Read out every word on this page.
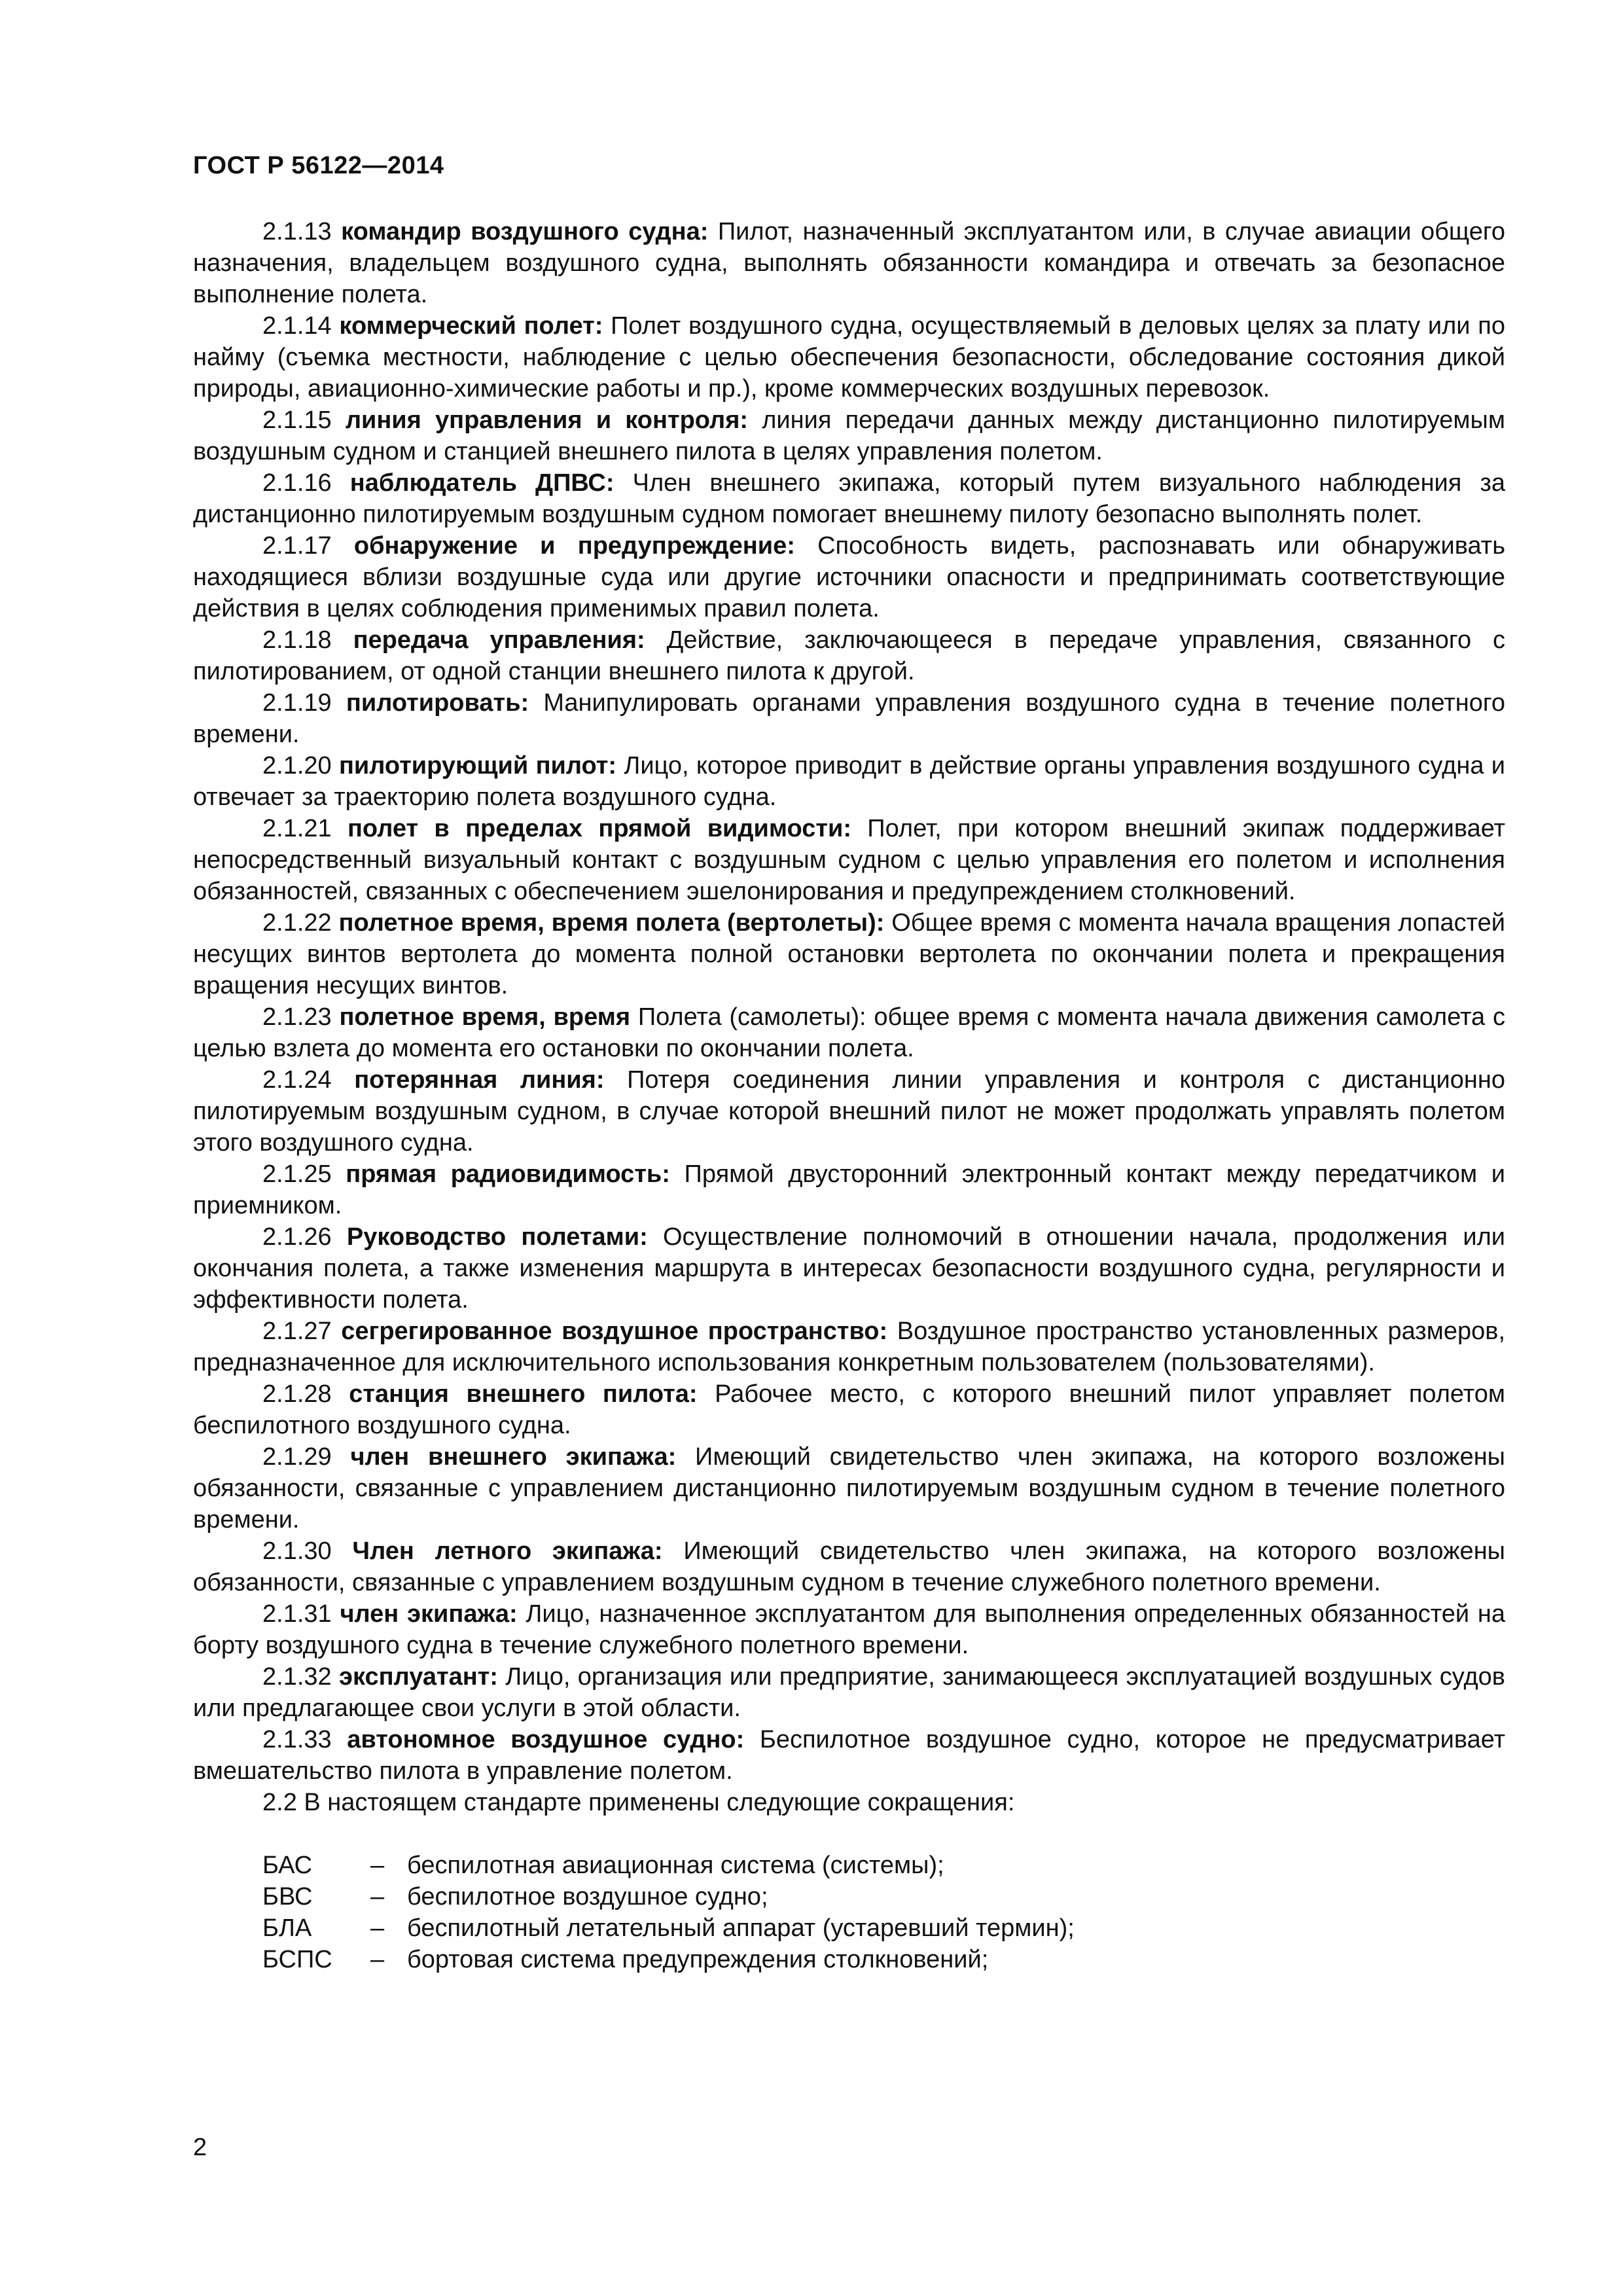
ГОСТ Р 56122—2014

2.1.13 командир воздушного судна: Пилот, назначенный эксплуатантом или, в случае авиации общего назначения, владельцем воздушного судна, выполнять обязанности командира и отвечать за безопасное выполнение полета.

2.1.14 коммерческий полет: Полет воздушного судна, осуществляемый в деловых целях за плату или по найму (съемка местности, наблюдение с целью обеспечения безопасности, обследование состояния дикой природы, авиационно-химические работы и пр.), кроме коммерческих воздушных перевозок.

2.1.15 линия управления и контроля: линия передачи данных между дистанционно пилотируемым воздушным судном и станцией внешнего пилота в целях управления полетом.

2.1.16 наблюдатель ДПВС: Член внешнего экипажа, который путем визуального наблюдения за дистанционно пилотируемым воздушным судном помогает внешнему пилоту безопасно выполнять полет.

2.1.17 обнаружение и предупреждение: Способность видеть, распознавать или обнаруживать находящиеся вблизи воздушные суда или другие источники опасности и предпринимать соответствующие действия в целях соблюдения применимых правил полета.

2.1.18 передача управления: Действие, заключающееся в передаче управления, связанного с пилотированием, от одной станции внешнего пилота к другой.

2.1.19 пилотировать: Манипулировать органами управления воздушного судна в течение полетного времени.

2.1.20 пилотирующий пилот: Лицо, которое приводит в действие органы управления воздушного судна и отвечает за траекторию полета воздушного судна.

2.1.21 полет в пределах прямой видимости: Полет, при котором внешний экипаж поддерживает непосредственный визуальный контакт с воздушным судном с целью управления его полетом и исполнения обязанностей, связанных с обеспечением эшелонирования и предупреждением столкновений.

2.1.22 полетное время, время полета (вертолеты): Общее время с момента начала вращения лопастей несущих винтов вертолета до момента полной остановки вертолета по окончании полета и прекращения вращения несущих винтов.

2.1.23 полетное время, время Полета (самолеты): общее время с момента начала движения самолета с целью взлета до момента его остановки по окончании полета.

2.1.24 потерянная линия: Потеря соединения линии управления и контроля с дистанционно пилотируемым воздушным судном, в случае которой внешний пилот не может продолжать управлять полетом этого воздушного судна.

2.1.25 прямая радиовидимость: Прямой двусторонний электронный контакт между передатчиком и приемником.

2.1.26 Руководство полетами: Осуществление полномочий в отношении начала, продолжения или окончания полета, а также изменения маршрута в интересах безопасности воздушного судна, регулярности и эффективности полета.

2.1.27 сегрегированное воздушное пространство: Воздушное пространство установленных размеров, предназначенное для исключительного использования конкретным пользователем (пользователями).

2.1.28 станция внешнего пилота: Рабочее место, с которого внешний пилот управляет полетом беспилотного воздушного судна.

2.1.29 член внешнего экипажа: Имеющий свидетельство член экипажа, на которого возложены обязанности, связанные с управлением дистанционно пилотируемым воздушным судном в течение полетного времени.

2.1.30 Член летного экипажа: Имеющий свидетельство член экипажа, на которого возложены обязанности, связанные с управлением воздушным судном в течение служебного полетного времени.

2.1.31 член экипажа: Лицо, назначенное эксплуатантом для выполнения определенных обязанностей на борту воздушного судна в течение служебного полетного времени.

2.1.32 эксплуатант: Лицо, организация или предприятие, занимающееся эксплуатацией воздушных судов или предлагающее свои услуги в этой области.

2.1.33 автономное воздушное судно: Беспилотное воздушное судно, которое не предусматривает вмешательство пилота в управление полетом.

2.2 В настоящем стандарте применены следующие сокращения:

БАС	– беспилотная авиационная система (системы);
БВС	– беспилотное воздушное судно;
БЛА	– беспилотный летательный аппарат (устаревший термин);
БСПС	– бортовая система предупреждения столкновений;
2
